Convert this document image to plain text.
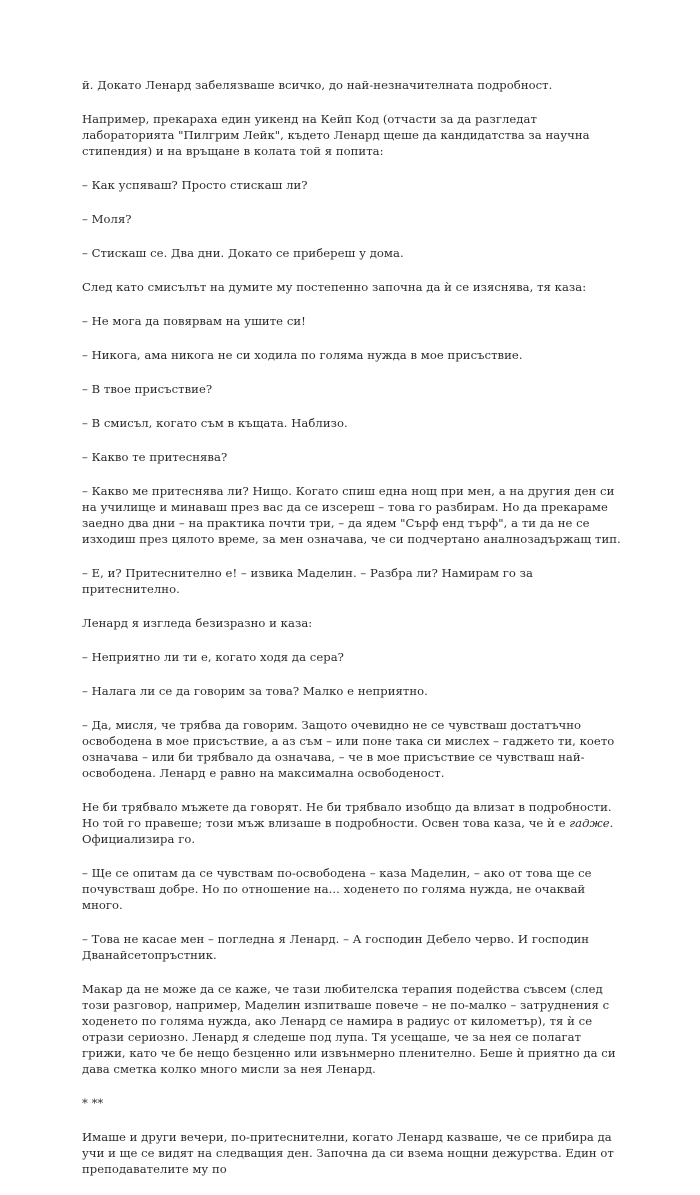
й. Докато Ленард забелязваше всичко, до най-незначителната подробност.

Например, прекараха един уикенд на Кейп Код (отчасти за да разгледат лабораторията "Пилгрим Лейк", където Ленард щеше да кандидатства за научна стипендия) и на връщане в колата той я попита:

– Как успяваш? Просто стискаш ли?

– Моля?

– Стискаш се. Два дни. Докато се прибереш у дома.

След като смисълът на думите му постепенно започна да ѝ се изяснява, тя каза:

– Не мога да повярвам на ушите си!

– Никога, ама никога не си ходила по голяма нужда в мое присъствие.

– В твое присъствие?

– В смисъл, когато съм в къщата. Наблизо.

– Какво те притеснява?

– Какво ме притеснява ли? Нищо. Когато спиш една нощ при мен, а на другия ден си на училище и минаваш през вас да се изсереш – това го разбирам. Но да прекараме заедно два дни – на практика почти три, – да ядем "Сърф енд търф", а ти да не се изходиш през цялото време, за мен означава, че си подчертано аналнозадържащ тип.

– Е, и? Притеснително е! – извика Маделин. – Разбра ли? Намирам го за притеснително.

Ленард я изгледа безизразно и каза:

– Неприятно ли ти е, когато ходя да сера?

– Налага ли се да говорим за това? Малко е неприятно.

– Да, мисля, че трябва да говорим. Защото очевидно не се чувстваш достатъчно освободена в мое присъствие, а аз съм – или поне така си мислех – гаджето ти, което означава – или би трябвало да означава, – че в мое присъствие се чувстваш най-освободена. Ленард е равно на максимална освободеност.

Не би трябвало мъжете да говорят. Не би трябвало изобщо да влизат в подробности. Но той го правеше; този мъж влизаше в подробности. Освен това каза, че ѝ е гадже. Официализира го.

– Ще се опитам да се чувствам по-освободена – каза Маделин, – ако от това ще се почувстваш добре. Но по отношение на... ходенето по голяма нужда, не очаквай много.

– Това не касае мен – погледна я Ленард. – А господин Дебело черво. И господин Дванайсетопръстник.

Макар да не може да се каже, че тази любителска терапия подейства съвсем (след този разговор, например, Маделин изпитваше повече – не по-малко – затруднения с ходенето по голяма нужда, ако Ленард се намира в радиус от километър), тя ѝ се отрази сериозно. Ленард я следеше под лупа. Тя усещаше, че за нея се полагат грижи, като че бе нещо безценно или извънмерно пленително. Беше ѝ приятно да си дава сметка колко много мисли за нея Ленард.

* **

Имаше и други вечери, по-притеснителни, когато Ленард казваше, че се прибира да учи и ще се видят на следващия ден. Започна да си взема нощни дежурства. Един от преподавателите му по
